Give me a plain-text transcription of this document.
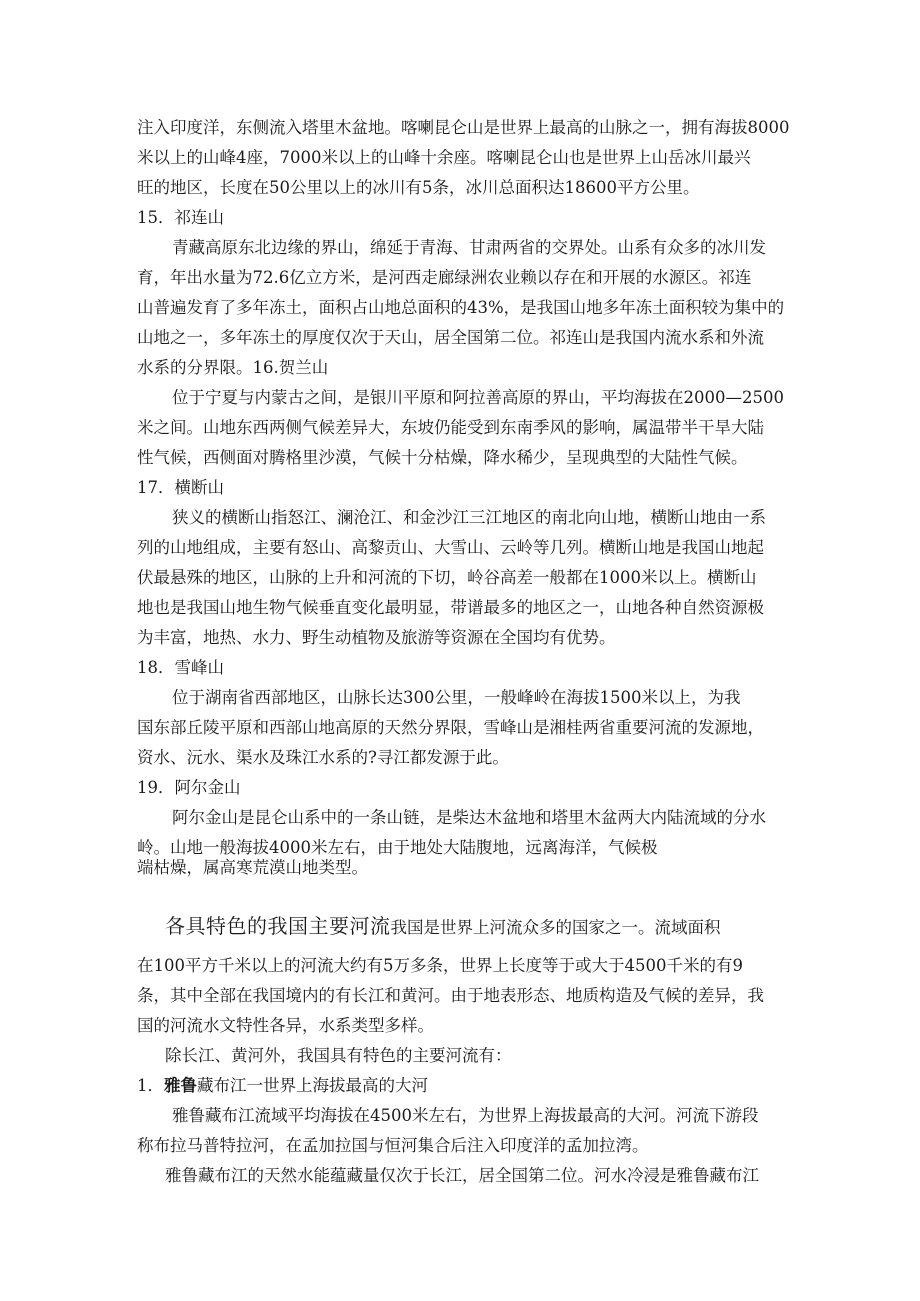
注入印度洋，东侧流入塔里木盆地。喀喇昆仑山是世界上最高的山脉之一，拥有海拔8000
米以上的山峰4座，7000米以上的山峰十余座。喀喇昆仑山也是世界上山岳冰川最兴
旺的地区，长度在50公里以上的冰川有5条，冰川总面积达18600平方公里。
15．祁连山
青藏高原东北边缘的界山，绵延于青海、甘肃两省的交界处。山系有众多的冰川发
育，年出水量为72.6亿立方米，是河西走廊绿洲农业赖以存在和开展的水源区。祁连
山普遍发育了多年冻土，面积占山地总面积的43%，是我国山地多年冻土面积较为集中的
山地之一，多年冻土的厚度仅次于天山，居全国第二位。祁连山是我国内流水系和外流
水系的分界限。16.贺兰山
位于宁夏与内蒙古之间，是银川平原和阿拉善高原的界山，平均海拔在2000—2500
米之间。山地东西两侧气候差异大，东坡仍能受到东南季风的影响，属温带半干旱大陆
性气候，西侧面对腾格里沙漠，气候十分枯燥，降水稀少，呈现典型的大陆性气候。
17．横断山
狭义的横断山指怒江、澜沧江、和金沙江三江地区的南北向山地，横断山地由一系
列的山地组成，主要有怒山、高黎贡山、大雪山、云岭等几列。横断山地是我国山地起
伏最悬殊的地区，山脉的上升和河流的下切，岭谷高差一般都在1000米以上。横断山
地也是我国山地生物气候垂直变化最明显，带谱最多的地区之一，山地各种自然资源极
为丰富，地热、水力、野生动植物及旅游等资源在全国均有优势。
18．雪峰山
位于湖南省西部地区，山脉长达300公里，一般峰岭在海拔1500米以上，为我
国东部丘陵平原和西部山地高原的天然分界限，雪峰山是湘桂两省重要河流的发源地，
资水、沅水、渠水及珠江水系的?寻江都发源于此。
19．阿尔金山
阿尔金山是昆仑山系中的一条山链，是柴达木盆地和塔里木盆两大内陆流域的分水
岭。山地一般海拔4000米左右，由于地处大陆腹地，远离海洋，气候极
端枯燥，属高寒荒漠山地类型。
各具特色的我国主要河流我国是世界上河流众多的国家之一。流域面积
在100平方千米以上的河流大约有5万多条，世界上长度等于或大于4500千米的有9
条，其中全部在我国境内的有长江和黄河。由于地表形态、地质构造及气候的差异，我
国的河流水文特性各异，水系类型多样。
除长江、黄河外，我国具有特色的主要河流有：
1．雅鲁藏布江一世界上海拔最高的大河
雅鲁藏布江流域平均海拔在4500米左右，为世界上海拔最高的大河。河流下游段
称布拉马普特拉河，在孟加拉国与恒河集合后注入印度洋的孟加拉湾。
雅鲁藏布江的天然水能蕴藏量仅次于长江，居全国第二位。河水冷浸是雅鲁藏布江
